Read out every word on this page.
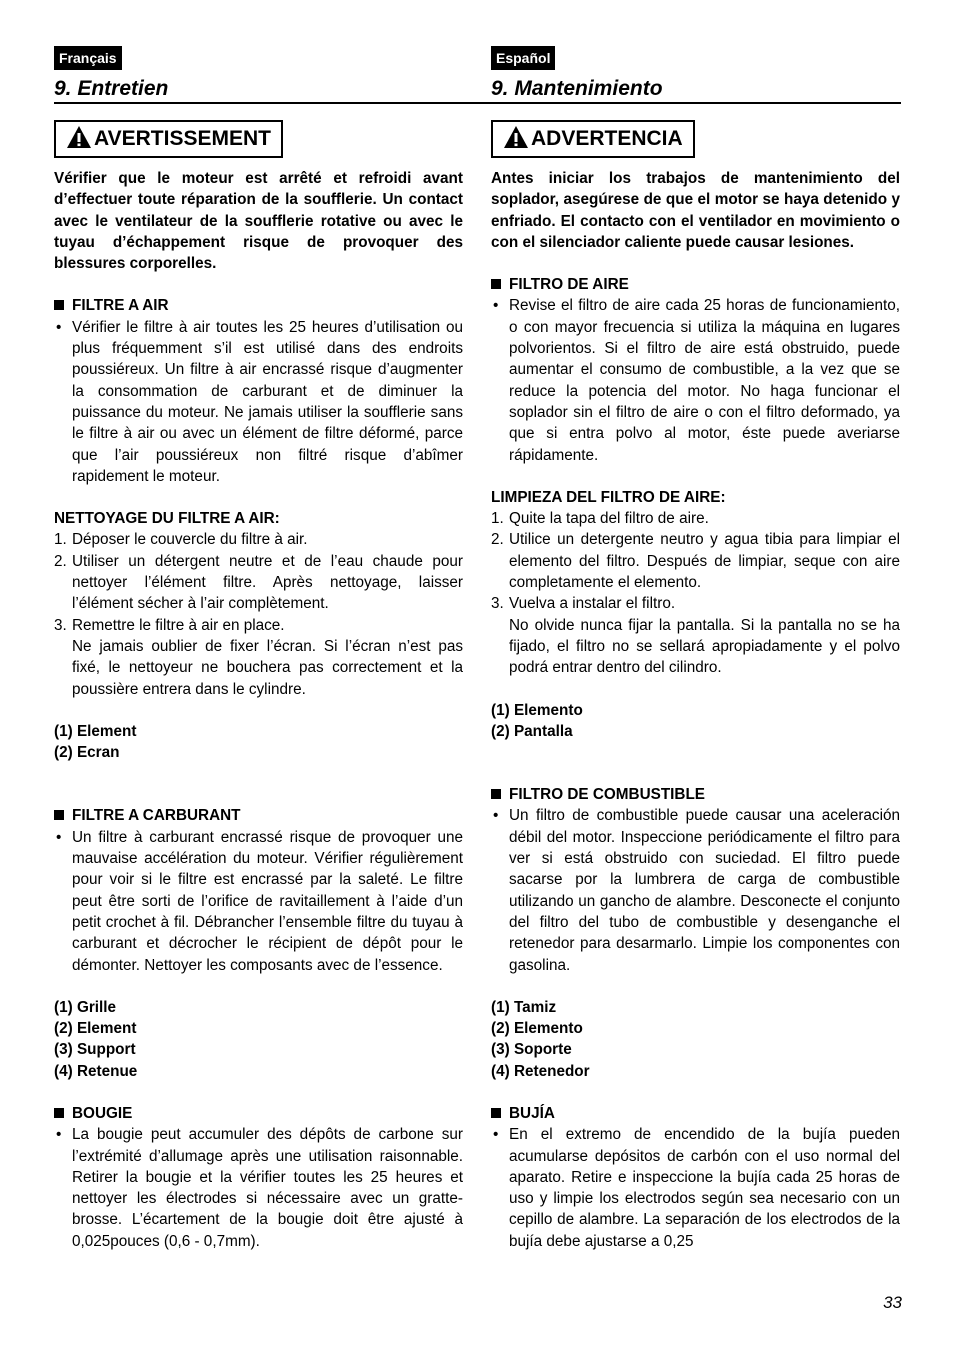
Français
9. Entretien
AVERTISSEMENT
Vérifier que le moteur est arrêté et refroidi avant d’effectuer toute réparation de la soufflerie. Un contact avec le ventilateur de la soufflerie rotative ou avec le tuyau d’échappement risque de provoquer des blessures corporelles.
FILTRE A AIR
• Vérifier le filtre à air toutes les 25 heures d’utilisation ou plus fréquemment s’il est utilisé dans des endroits poussiéreux. Un filtre à air encrassé risque d’augmenter la consommation de carburant et de diminuer la puissance du moteur. Ne jamais utiliser la soufflerie sans le filtre à air ou avec un élément de filtre déformé, parce que l’air poussiéreux non filtré risque d’abîmer rapidement le moteur.
NETTOYAGE DU FILTRE A AIR:
1. Déposer le couvercle du filtre à air.
2. Utiliser un détergent neutre et de l’eau chaude pour nettoyer l’élément filtre. Après nettoyage, laisser l’élément sécher à l’air complètement.
3. Remettre le filtre à air en place.
Ne jamais oublier de fixer l’écran. Si l’écran n’est pas fixé, le nettoyeur ne bouchera pas correctement et la poussière entrera dans le cylindre.
(1) Element
(2) Ecran
FILTRE A CARBURANT
• Un filtre à carburant encrassé risque de provoquer une mauvaise accélération du moteur. Vérifier régulièrement pour voir si le filtre est encrassé par la saleté. Le filtre peut être sorti de l’orifice de ravitaillement à l’aide d’un petit crochet à fil. Débrancher l’ensemble filtre du tuyau à carburant et décrocher le récipient de dépôt pour le démonter. Nettoyer les composants avec de l’essence.
(1) Grille
(2) Element
(3) Support
(4) Retenue
BOUGIE
• La bougie peut accumuler des dépôts de carbone sur l’extrémité d’allumage après une utilisation raisonnable. Retirer la bougie et la vérifier toutes les 25 heures et nettoyer les électrodes si nécessaire avec un gratte-brosse. L’écartement de la bougie doit être ajusté à 0,025pouces (0,6 - 0,7mm).
Español
9. Mantenimiento
ADVERTENCIA
Antes iniciar los trabajos de mantenimiento del soplador, asegúrese de que el motor se haya detenido y enfriado. El contacto con el ventilador en movimiento o con el silenciador caliente puede causar lesiones.
FILTRO DE AIRE
• Revise el filtro de aire cada 25 horas de funcionamiento, o con mayor frecuencia si utiliza la máquina en lugares polvorientos. Si el filtro de aire está obstruido, puede aumentar el consumo de combustible, a la vez que se reduce la potencia del motor. No haga funcionar el soplador sin el filtro de aire o con el filtro deformado, ya que si entra polvo al motor, éste puede averiarse rápidamente.
LIMPIEZA DEL FILTRO DE AIRE:
1. Quite la tapa del filtro de aire.
2. Utilice un detergente neutro y agua tibia para limpiar el elemento del filtro. Después de limpiar, seque con aire completamente el elemento.
3. Vuelva a instalar el filtro.
No olvide nunca fijar la pantalla. Si la pantalla no se ha fijado, el filtro no se sellará apropiadamente y el polvo podrá entrar dentro del cilindro.
(1) Elemento
(2) Pantalla
FILTRO DE COMBUSTIBLE
• Un filtro de combustible puede causar una aceleración débil del motor. Inspeccione periódicamente el filtro para ver si está obstruido con suciedad. El filtro puede sacarse por la lumbrera de carga de combustible utilizando un gancho de alambre. Desconecte el conjunto del filtro del tubo de combustible y desenganche el retenedor para desarmarlo. Limpie los componentes con gasolina.
(1) Tamiz
(2) Elemento
(3) Soporte
(4) Retenedor
BUJÍA
• En el extremo de encendido de la bujía pueden acumularse depósitos de carbón con el uso normal del aparato. Retire e inspeccione la bujía cada 25 horas de uso y limpie los electrodos según sea necesario con un cepillo de alambre. La separación de los electrodos de la bujía debe ajustarse a 0,25
33
